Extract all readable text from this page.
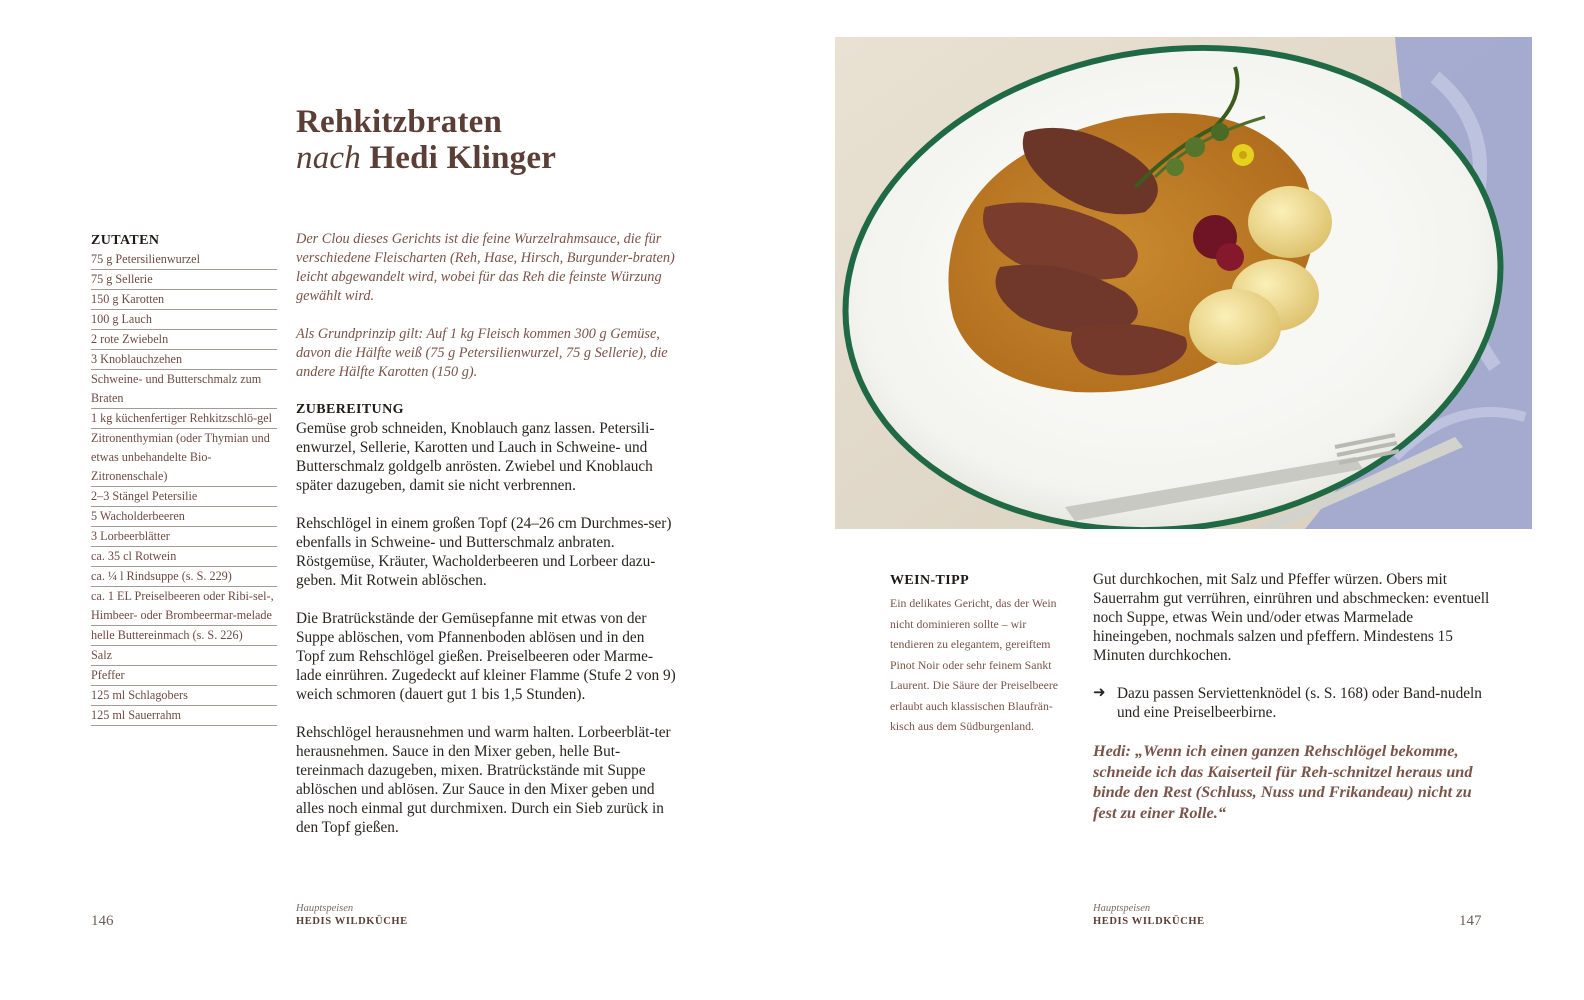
Rehkitzbraten
nach Hedi Klinger
ZUTATEN
75 g Petersilienwurzel
75 g Sellerie
150 g Karotten
100 g Lauch
2 rote Zwiebeln
3 Knoblauchzehen
Schweine- und Butterschmalz zum Braten
1 kg küchenfertiger Rehkitzschlö-gel
Zitronenthymian (oder Thymian und etwas unbehandelte Bio-Zitronenschale)
2–3 Stängel Petersilie
5 Wacholderbeeren
3 Lorbeerblätter
ca. 35 cl Rotwein
ca. ¼ l Rindsuppe (s. S. 229)
ca. 1 EL Preiselbeeren oder Ribi-sel-, Himbeer- oder Brombeermar-melade
helle Buttereinmach (s. S. 226)
Salz
Pfeffer
125 ml Schlagobers
125 ml Sauerrahm

Der Clou dieses Gerichts ist die feine Wurzelrahmsauce, die für verschiedene Fleischarten (Reh, Hase, Hirsch, Burgunder-braten) leicht abgewandelt wird, wobei für das Reh die feinste Würzung gewählt wird.

Als Grundprinzip gilt: Auf 1 kg Fleisch kommen 300 g Gemüse, davon die Hälfte weiß (75 g Petersilienwurzel, 75 g Sellerie), die andere Hälfte Karotten (150 g).

ZUBEREITUNG

Gemüse grob schneiden, Knoblauch ganz lassen. Petersili-enwurzel, Sellerie, Karotten und Lauch in Schweine- und Butterschmalz goldgelb anrösten. Zwiebel und Knoblauch später dazugeben, damit sie nicht verbrennen.

Rehschlögel in einem großen Topf (24–26 cm Durchmes-ser) ebenfalls in Schweine- und Butterschmalz anbraten. Röstgemüse, Kräuter, Wacholderbeeren und Lorbeer dazu-geben. Mit Rotwein ablöschen.

Die Bratrückstände der Gemüsepfanne mit etwas von der Suppe ablöschen, vom Pfannenboden ablösen und in den Topf zum Rehschlögel gießen. Preiselbeeren oder Marme-lade einrühren. Zugedeckt auf kleiner Flamme (Stufe 2 von 9) weich schmoren (dauert gut 1 bis 1,5 Stunden).

Rehschlögel herausnehmen und warm halten. Lorbeerblät-ter herausnehmen. Sauce in den Mixer geben, helle But-tereinmach dazugeben, mixen. Bratrückstände mit Suppe ablöschen und ablösen. Zur Sauce in den Mixer geben und alles noch einmal gut durchmixen. Durch ein Sieb zurück in den Topf gießen.

WEIN-TIPP

Ein delikates Gericht, das der Wein nicht dominieren sollte – wir tendieren zu elegantem, gereiftem Pinot Noir oder sehr feinem Sankt Laurent. Die Säure der Preiselbeere erlaubt auch klassischen Blaufrän-kisch aus dem Südburgenland.

Gut durchkochen, mit Salz und Pfeffer würzen. Obers mit Sauerrahm gut verrühren, einrühren und abschmecken: eventuell noch Suppe, etwas Wein und/oder etwas Marmelade hineingeben, nochmals salzen und pfeffern. Mindestens 15 Minuten durchkochen.

➜ Dazu passen Serviettenknödel (s. S. 168) oder Band-nudeln und eine Preiselbeerbirne.

Hedi: „Wenn ich einen ganzen Rehschlögel bekomme, schneide ich das Kaiserteil für Reh-schnitzel heraus und binde den Rest (Schluss, Nuss und Frikandeau) nicht zu fest zu einer Rolle.“

146
Hauptspeisen
HEDIS WILDKÜCHE
Hauptspeisen
HEDIS WILDKÜCHE	147
